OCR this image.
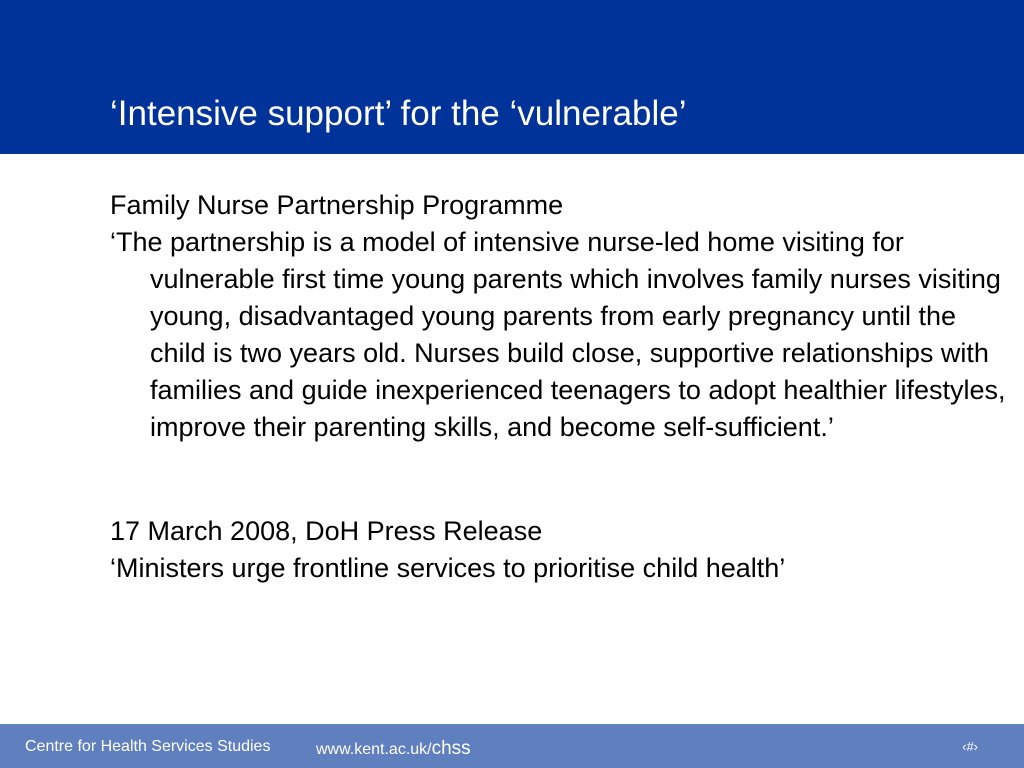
‘Intensive support’ for the ‘vulnerable’

Family Nurse Partnership Programme

‘The partnership is a model of intensive nurse-led home visiting for vulnerable first time young parents which involves family nurses visiting young, disadvantaged young parents from early pregnancy until the child is two years old. Nurses build close, supportive relationships with families and guide inexperienced teenagers to adopt healthier lifestyles, improve their parenting skills, and become self-sufficient.’

17 March 2008, DoH Press Release

‘Ministers urge frontline services to prioritise child health’

Centre for Health Services Studies	www.kent.ac.uk/chss	‹#›
